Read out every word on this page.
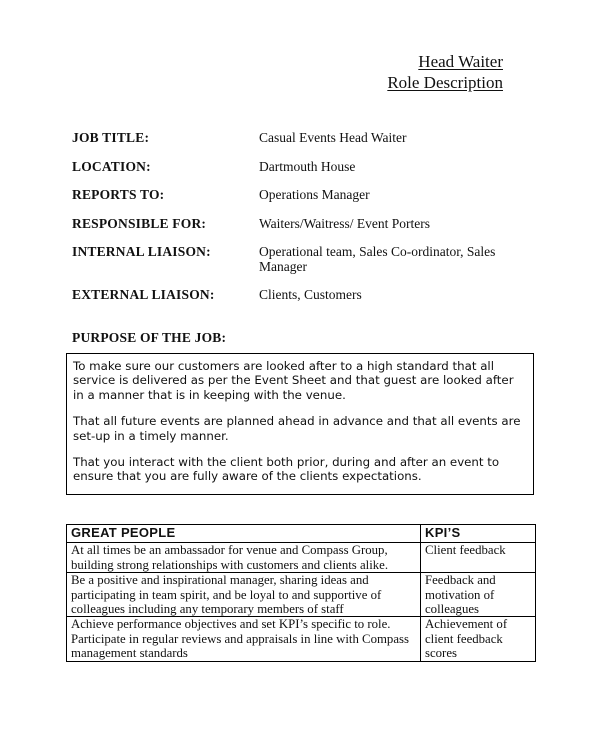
Head Waiter
Role Description
JOB TITLE:	Casual Events Head Waiter
LOCATION:	Dartmouth House
REPORTS TO:	Operations Manager
RESPONSIBLE FOR:	Waiters/Waitress/ Event Porters
INTERNAL LIAISON:	Operational team, Sales Co-ordinator, Sales Manager
EXTERNAL LIAISON:	Clients, Customers
PURPOSE OF THE JOB:

To make sure our customers are looked after to a high standard that all service is delivered as per the Event Sheet and that guest are looked after in a manner that is in keeping with the venue.

That all future events are planned ahead in advance and that all events are set-up in a timely manner.

That you interact with the client both prior, during and after an event to ensure that you are fully aware of the clients expectations.

GREAT PEOPLE	KPI’S
At all times be an ambassador for venue and Compass Group, building strong relationships with customers and clients alike.	Client feedback
Be a positive and inspirational manager, sharing ideas and participating in team spirit, and be loyal to and supportive of colleagues including any temporary members of staff	Feedback and motivation of colleagues
Achieve performance objectives and set KPI’s specific to role. Participate in regular reviews and appraisals in line with Compass management standards	Achievement of client feedback scores
